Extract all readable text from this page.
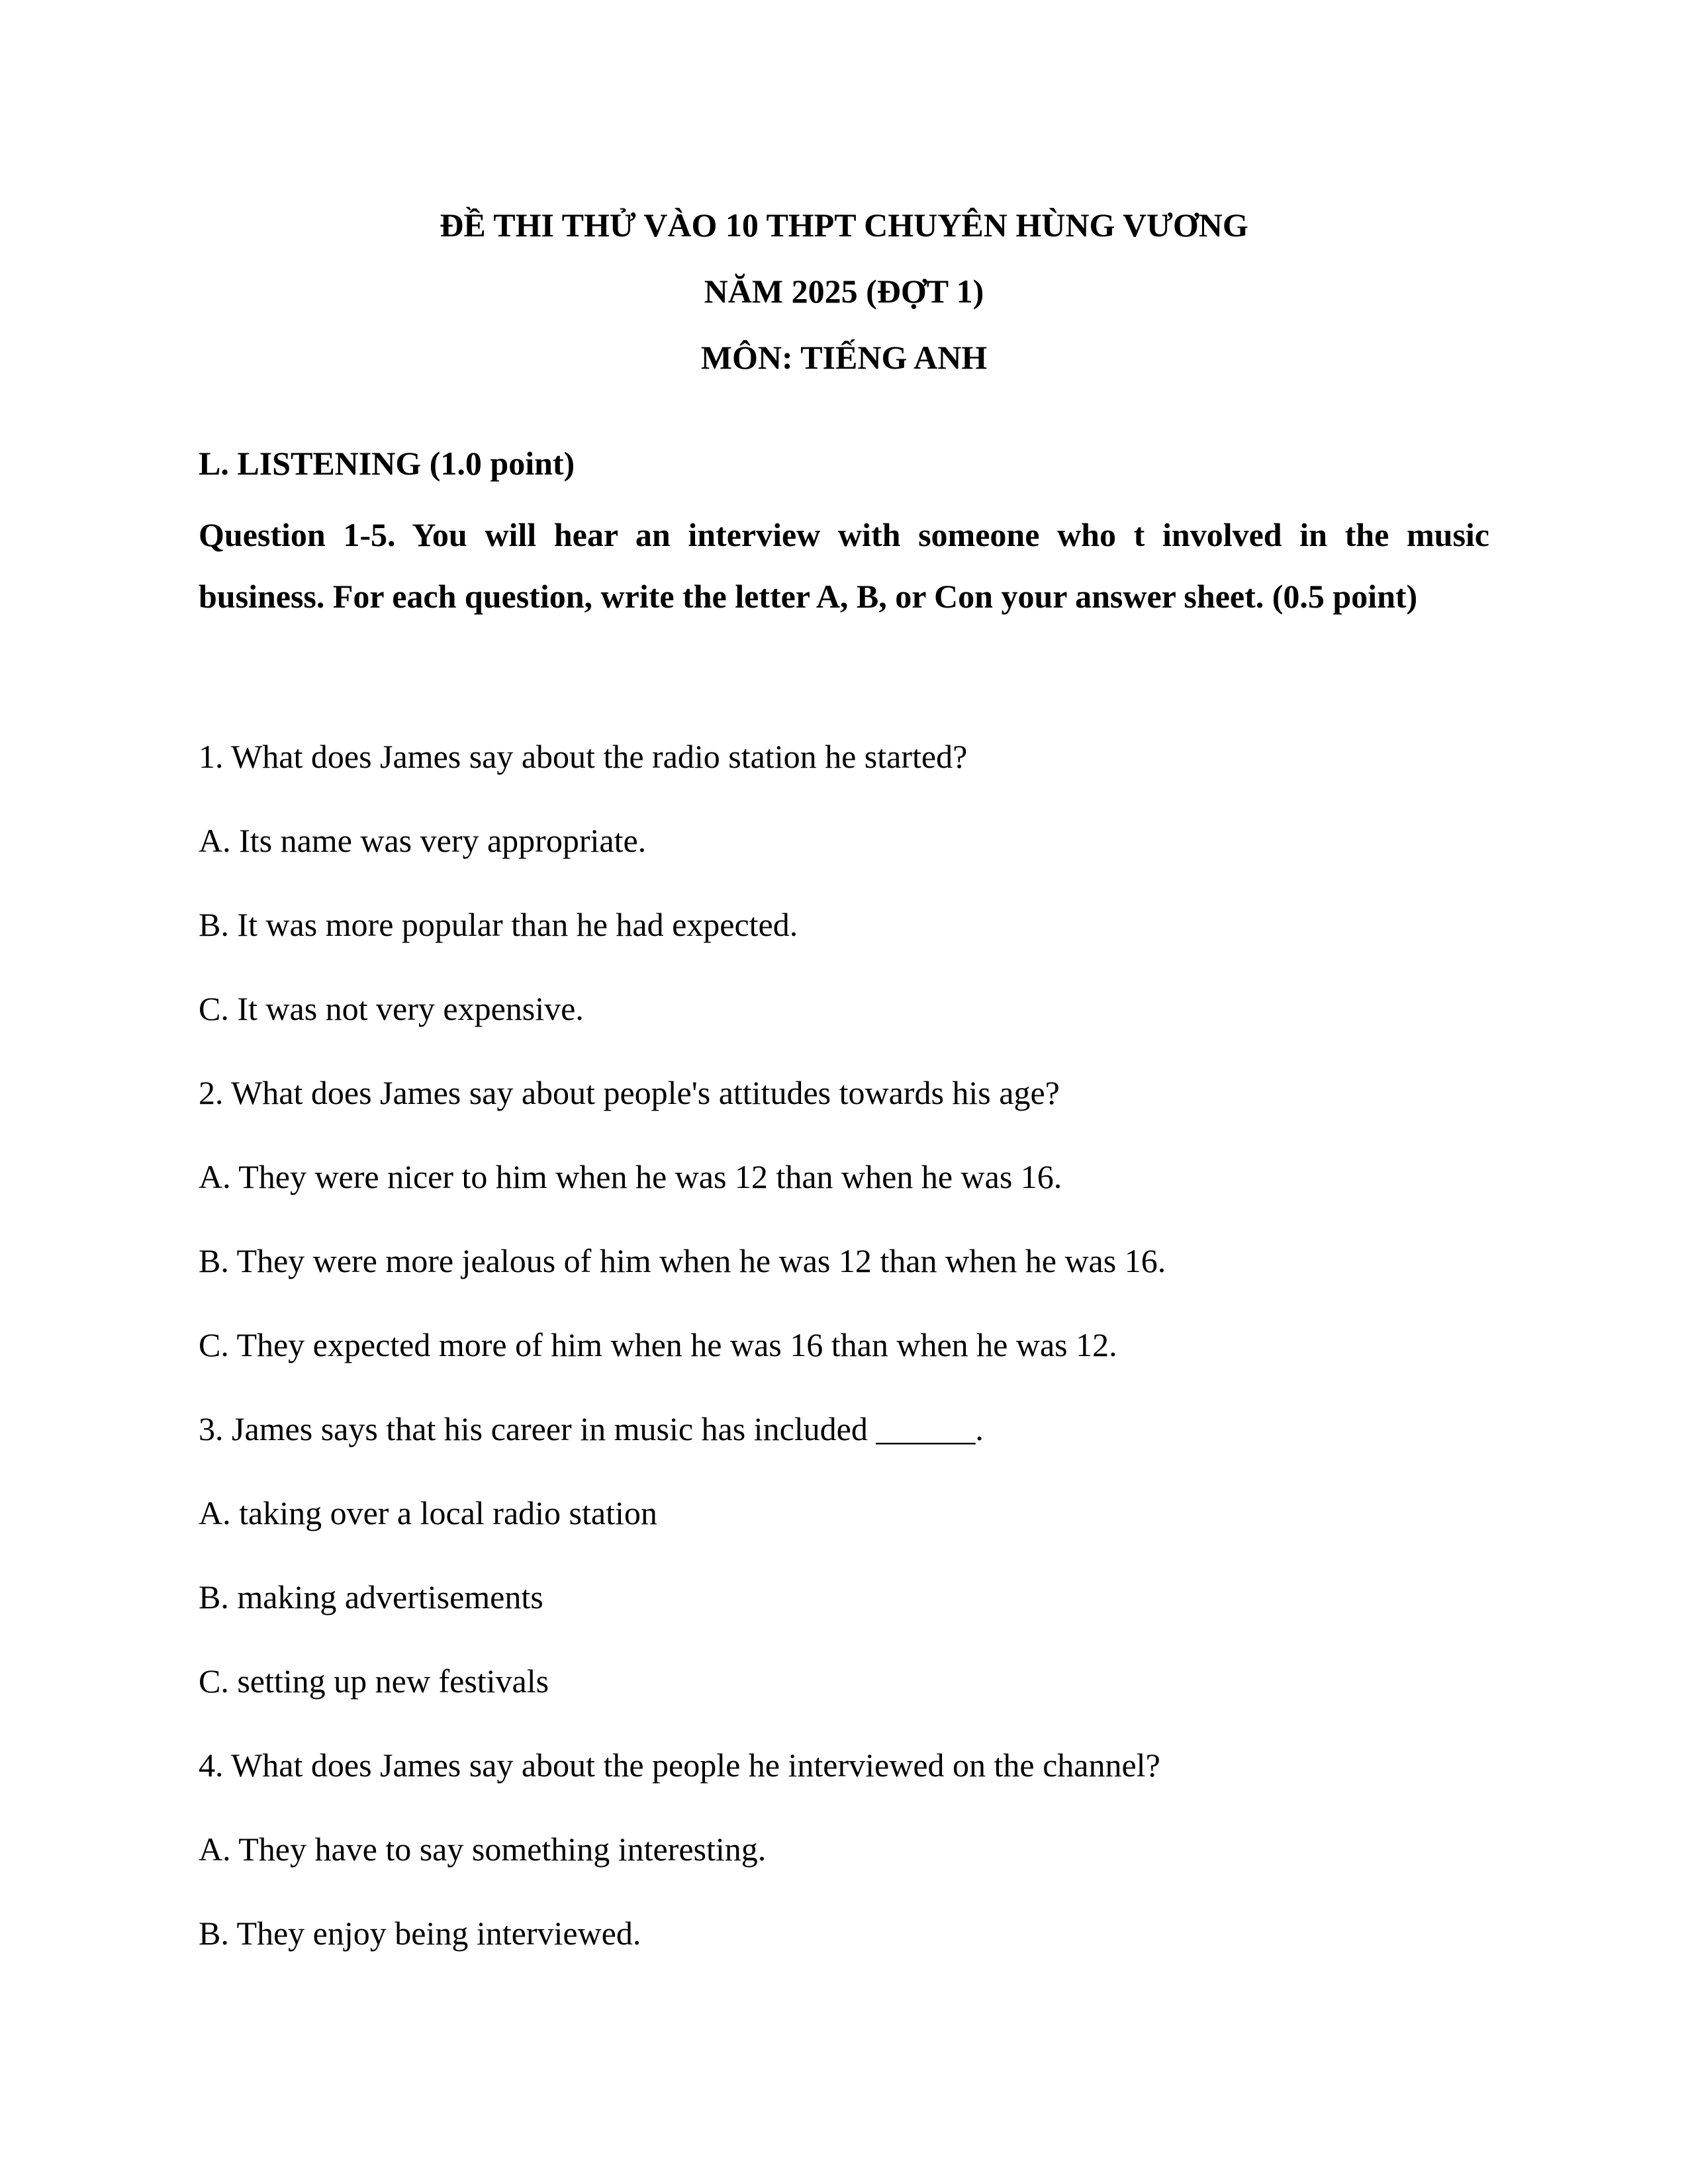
ĐỀ THI THỬ VÀO 10 THPT CHUYÊN HÙNG VƯƠNG
NĂM 2025 (ĐỢT 1)
MÔN: TIẾNG ANH
L. LISTENING (1.0 point)
Question 1-5. You will hear an interview with someone who t involved in the music business. For each question, write the letter A, B, or Con your answer sheet. (0.5 point)
1. What does James say about the radio station he started?
A. Its name was very appropriate.
B. It was more popular than he had expected.
C. It was not very expensive.
2. What does James say about people's attitudes towards his age?
A. They were nicer to him when he was 12 than when he was 16.
B. They were more jealous of him when he was 12 than when he was 16.
C. They expected more of him when he was 16 than when he was 12.
3. James says that his career in music has included ______.
A. taking over a local radio station
B. making advertisements
C. setting up new festivals
4. What does James say about the people he interviewed on the channel?
A. They have to say something interesting.
B. They enjoy being interviewed.
